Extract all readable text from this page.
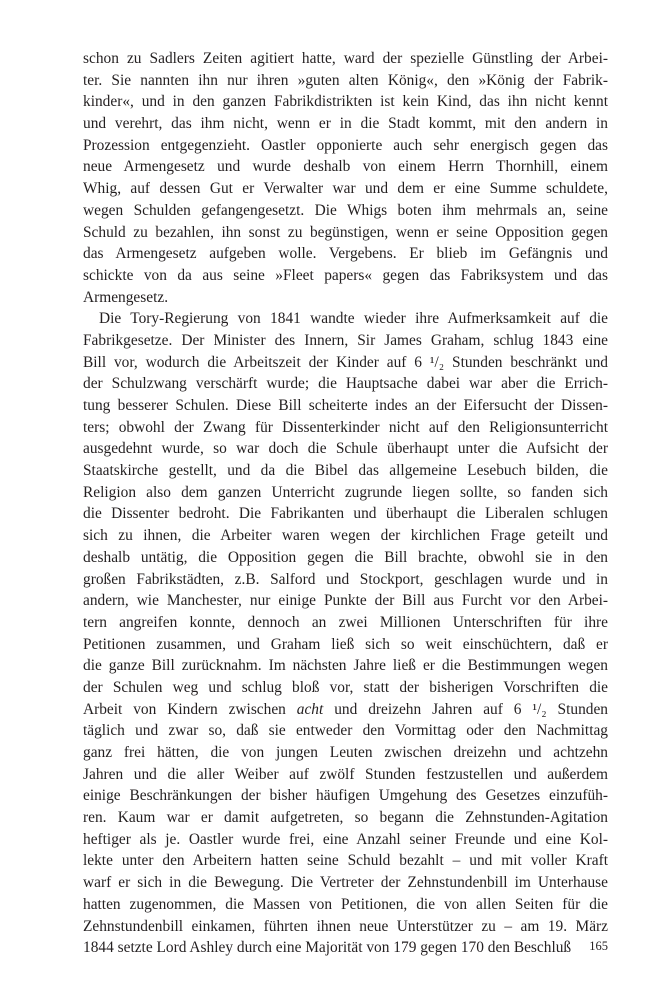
schon zu Sadlers Zeiten agitiert hatte, ward der spezielle Günstling der Arbei-
ter. Sie nannten ihn nur ihren »guten alten König«, den »König der Fabrik-
kinder«, und in den ganzen Fabrikdistrikten ist kein Kind, das ihn nicht kennt
und verehrt, das ihm nicht, wenn er in die Stadt kommt, mit den andern in
Prozession entgegenzieht. Oastler opponierte auch sehr energisch gegen das
neue Armengesetz und wurde deshalb von einem Herrn Thornhill, einem
Whig, auf dessen Gut er Verwalter war und dem er eine Summe schuldete,
wegen Schulden gefangengesetzt. Die Whigs boten ihm mehrmals an, seine
Schuld zu bezahlen, ihn sonst zu begünstigen, wenn er seine Opposition gegen
das Armengesetz aufgeben wolle. Vergebens. Er blieb im Gefängnis und
schickte von da aus seine »Fleet papers« gegen das Fabriksystem und das
Armengesetz.
Die Tory-Regierung von 1841 wandte wieder ihre Aufmerksamkeit auf die
Fabrikgesetze. Der Minister des Innern, Sir James Graham, schlug 1843 eine
Bill vor, wodurch die Arbeitszeit der Kinder auf 6 ¹/₂ Stunden beschränkt und
der Schulzwang verschärft wurde; die Hauptsache dabei war aber die Errich-
tung besserer Schulen. Diese Bill scheiterte indes an der Eifersucht der Dissen-
ters; obwohl der Zwang für Dissenterkinder nicht auf den Religionsunterricht
ausgedehnt wurde, so war doch die Schule überhaupt unter die Aufsicht der
Staatskirche gestellt, und da die Bibel das allgemeine Lesebuch bilden, die
Religion also dem ganzen Unterricht zugrunde liegen sollte, so fanden sich
die Dissenter bedroht. Die Fabrikanten und überhaupt die Liberalen schlugen
sich zu ihnen, die Arbeiter waren wegen der kirchlichen Frage geteilt und
deshalb untätig, die Opposition gegen die Bill brachte, obwohl sie in den
großen Fabrikstädten, z.B. Salford und Stockport, geschlagen wurde und in
andern, wie Manchester, nur einige Punkte der Bill aus Furcht vor den Arbei-
tern angreifen konnte, dennoch an zwei Millionen Unterschriften für ihre
Petitionen zusammen, und Graham ließ sich so weit einschüchtern, daß er
die ganze Bill zurücknahm. Im nächsten Jahre ließ er die Bestimmungen wegen
der Schulen weg und schlug bloß vor, statt der bisherigen Vorschriften die
Arbeit von Kindern zwischen acht und dreizehn Jahren auf 6 ¹/₂ Stunden
täglich und zwar so, daß sie entweder den Vormittag oder den Nachmittag
ganz frei hätten, die von jungen Leuten zwischen dreizehn und achtzehn
Jahren und die aller Weiber auf zwölf Stunden festzustellen und außerdem
einige Beschränkungen der bisher häufigen Umgehung des Gesetzes einzufüh-
ren. Kaum war er damit aufgetreten, so begann die Zehnstunden-Agitation
heftiger als je. Oastler wurde frei, eine Anzahl seiner Freunde und eine Kol-
lekte unter den Arbeitern hatten seine Schuld bezahlt – und mit voller Kraft
warf er sich in die Bewegung. Die Vertreter der Zehnstundenbill im Unterhause
hatten zugenommen, die Massen von Petitionen, die von allen Seiten für die
Zehnstundenbill einkamen, führten ihnen neue Unterstützer zu – am 19. März
1844 setzte Lord Ashley durch eine Majorität von 179 gegen 170 den Beschluß	165
